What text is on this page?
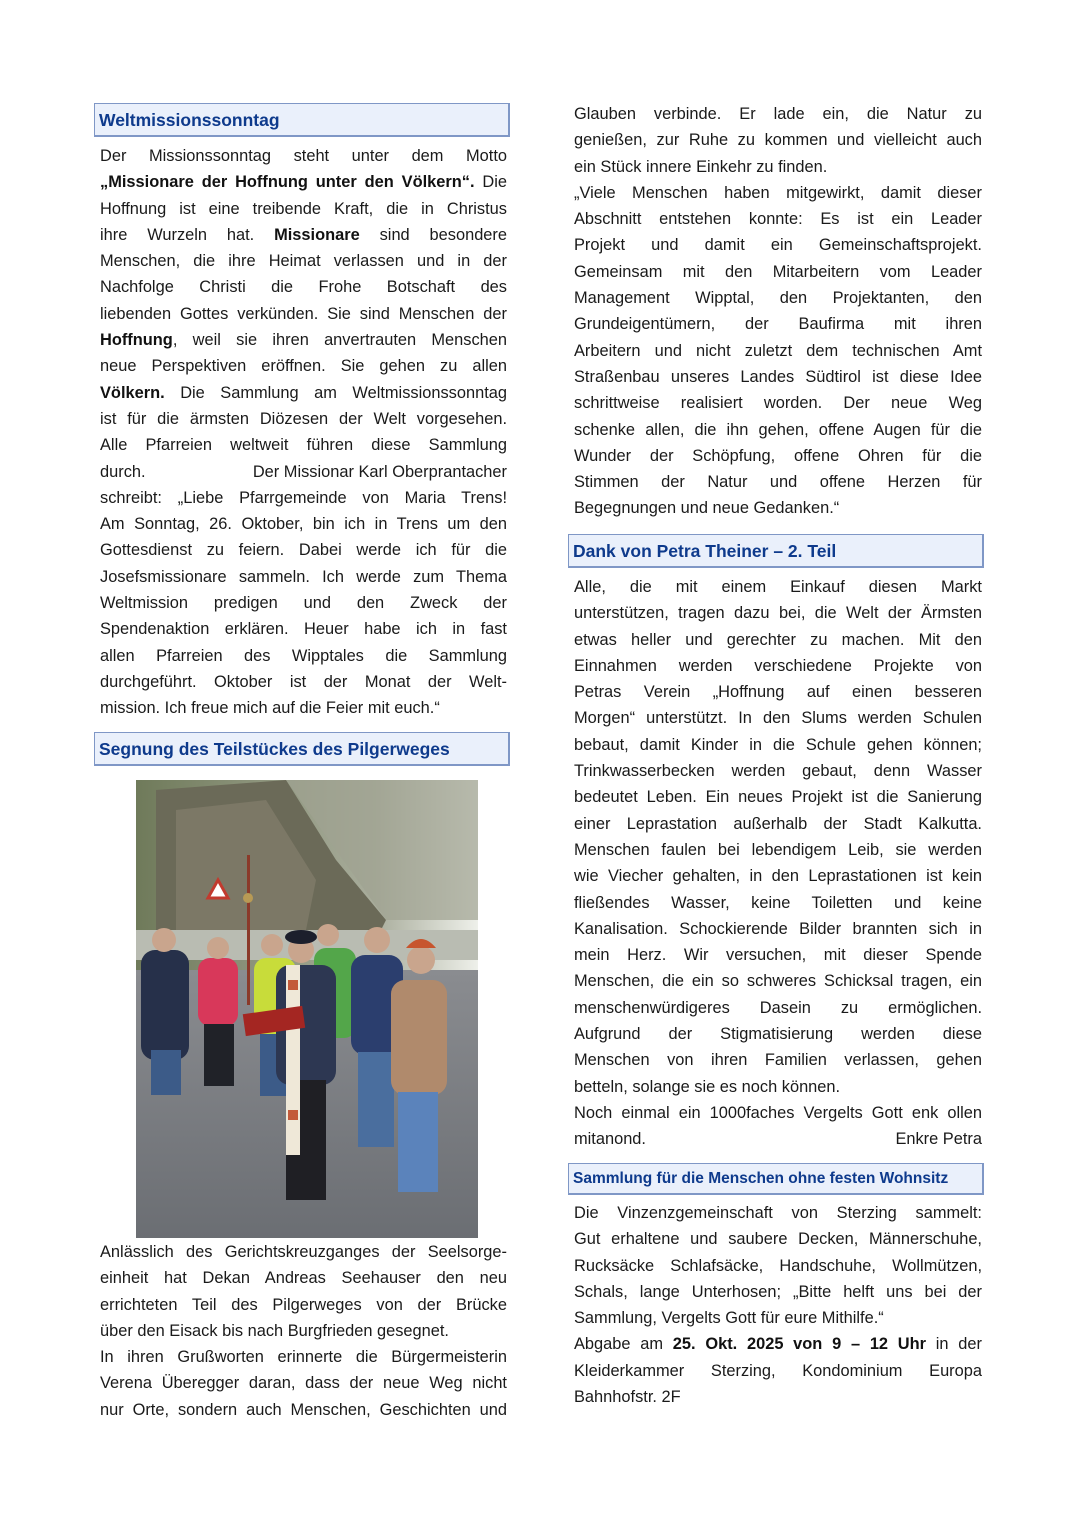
Weltmissionssonntag
Der Missionssonntag steht unter dem Motto
„Missionare der Hoffnung unter den Völkern“. Die
Hoffnung ist eine treibende Kraft, die in Christus
ihre Wurzeln hat. Missionare sind besondere
Menschen, die ihre Heimat verlassen und in der
Nachfolge Christi die Frohe Botschaft des
liebenden Gottes verkünden. Sie sind Menschen der
Hoffnung, weil sie ihren anvertrauten Menschen
neue Perspektiven eröffnen. Sie gehen zu allen
Völkern. Die Sammlung am Weltmissionssonntag
ist für die ärmsten Diözesen der Welt vorgesehen.
Alle Pfarreien weltweit führen diese Sammlung
durch.	Der Missionar Karl Oberprantacher
schreibt: „Liebe Pfarrgemeinde von Maria Trens!
Am Sonntag, 26. Oktober, bin ich in Trens um den
Gottesdienst zu feiern. Dabei werde ich für die
Josefsmissionare sammeln. Ich werde zum Thema
Weltmission predigen und den Zweck der
Spendenaktion erklären. Heuer habe ich in fast
allen Pfarreien des Wipptales die Sammlung
durchgeführt. Oktober ist der Monat der Welt-
mission. Ich freue mich auf die Feier mit euch.“
Segnung des Teilstückes des Pilgerweges
Anlässlich des Gerichtskreuzganges der Seelsorge-
einheit hat Dekan Andreas Seehauser den neu
errichteten Teil des Pilgerweges von der Brücke
über den Eisack bis nach Burgfrieden gesegnet.
In ihren Grußworten erinnerte die Bürgermeisterin
Verena Überegger daran, dass der neue Weg nicht
nur Orte, sondern auch Menschen, Geschichten und
Glauben verbinde. Er lade ein, die Natur zu
genießen, zur Ruhe zu kommen und vielleicht auch
ein Stück innere Einkehr zu finden.
„Viele Menschen haben mitgewirkt, damit dieser
Abschnitt entstehen konnte: Es ist ein Leader
Projekt und damit ein Gemeinschaftsprojekt.
Gemeinsam mit den Mitarbeitern vom Leader
Management Wipptal, den Projektanten, den
Grundeigentümern, der Baufirma mit ihren
Arbeitern und nicht zuletzt dem technischen Amt
Straßenbau unseres Landes Südtirol ist diese Idee
schrittweise realisiert worden. Der neue Weg
schenke allen, die ihn gehen, offene Augen für die
Wunder der Schöpfung, offene Ohren für die
Stimmen der Natur und offene Herzen für
Begegnungen und neue Gedanken.“
Dank von Petra Theiner – 2. Teil
Alle, die mit einem Einkauf diesen Markt
unterstützen, tragen dazu bei, die Welt der Ärmsten
etwas heller und gerechter zu machen. Mit den
Einnahmen werden verschiedene Projekte von
Petras Verein „Hoffnung auf einen besseren
Morgen“ unterstützt. In den Slums werden Schulen
bebaut, damit Kinder in die Schule gehen können;
Trinkwasserbecken werden gebaut, denn Wasser
bedeutet Leben. Ein neues Projekt ist die Sanierung
einer Leprastation außerhalb der Stadt Kalkutta.
Menschen faulen bei lebendigem Leib, sie werden
wie Viecher gehalten, in den Leprastationen ist kein
fließendes Wasser, keine Toiletten und keine
Kanalisation. Schockierende Bilder brannten sich in
mein Herz. Wir versuchen, mit dieser Spende
Menschen, die ein so schweres Schicksal tragen, ein
menschenwürdigeres Dasein zu ermöglichen.
Aufgrund der Stigmatisierung werden diese
Menschen von ihren Familien verlassen, gehen
betteln, solange sie es noch können.
Noch einmal ein 1000faches Vergelts Gott enk ollen
mitanond.	Enkre Petra
Sammlung für die Menschen ohne festen Wohnsitz
Die Vinzenzgemeinschaft von Sterzing sammelt:
Gut erhaltene und saubere Decken, Männerschuhe,
Rucksäcke Schlafsäcke, Handschuhe, Wollmützen,
Schals, lange Unterhosen; „Bitte helft uns bei der
Sammlung, Vergelts Gott für eure Mithilfe.“
Abgabe am 25. Okt. 2025 von 9 – 12 Uhr in der
Kleiderkammer Sterzing, Kondominium Europa
Bahnhofstr. 2F
